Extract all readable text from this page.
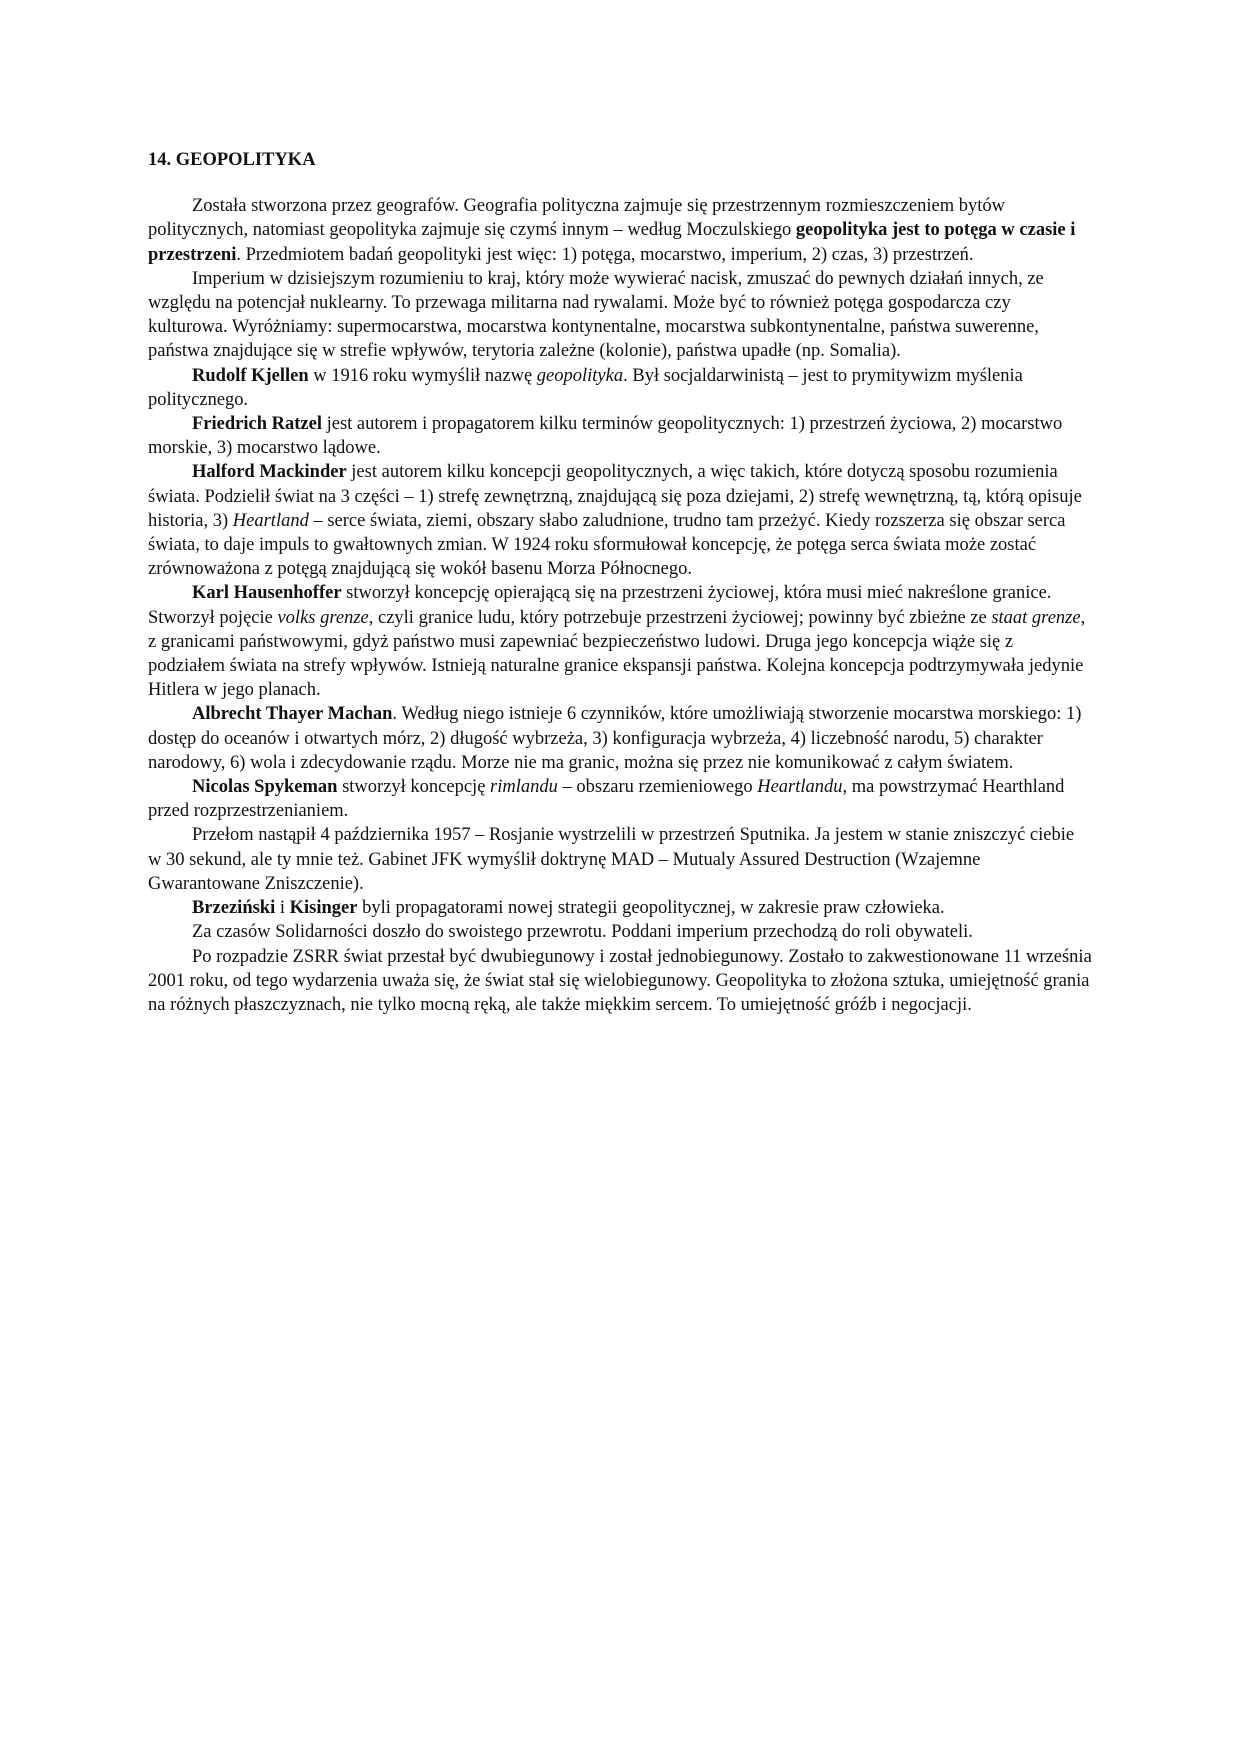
14. GEOPOLITYKA

Została stworzona przez geografów. Geografia polityczna zajmuje się przestrzennym rozmieszczeniem bytów politycznych, natomiast geopolityka zajmuje się czymś innym – według Moczulskiego geopolityka jest to potęga w czasie i przestrzeni. Przedmiotem badań geopolityki jest więc: 1) potęga, mocarstwo, imperium, 2) czas, 3) przestrzeń.

Imperium w dzisiejszym rozumieniu to kraj, który może wywierać nacisk, zmuszać do pewnych działań innych, ze względu na potencjał nuklearny. To przewaga militarna nad rywalami. Może być to również potęga gospodarcza czy kulturowa. Wyróżniamy: supermocarstwa, mocarstwa kontynentalne, mocarstwa subkontynentalne, państwa suwerenne, państwa znajdujące się w strefie wpływów, terytoria zależne (kolonie), państwa upadłe (np. Somalia).

Rudolf Kjellen w 1916 roku wymyślił nazwę geopolityka. Był socjaldarwinistą – jest to prymitywizm myślenia politycznego.

Friedrich Ratzel jest autorem i propagatorem kilku terminów geopolitycznych: 1) przestrzeń życiowa, 2) mocarstwo morskie, 3) mocarstwo lądowe.

Halford Mackinder jest autorem kilku koncepcji geopolitycznych, a więc takich, które dotyczą sposobu rozumienia świata. Podzielił świat na 3 części – 1) strefę zewnętrzną, znajdującą się poza dziejami, 2) strefę wewnętrzną, tą, którą opisuje historia, 3) Heartland – serce świata, ziemi, obszary słabo zaludnione, trudno tam przeżyć. Kiedy rozszerza się obszar serca świata, to daje impuls to gwałtownych zmian. W 1924 roku sformułował koncepcję, że potęga serca świata może zostać zrównoważona z potęgą znajdującą się wokół basenu Morza Północnego.

Karl Hausenhoffer stworzył koncepcję opierającą się na przestrzeni życiowej, która musi mieć nakreślone granice. Stworzył pojęcie volks grenze, czyli granice ludu, który potrzebuje przestrzeni życiowej; powinny być zbieżne ze staat grenze, z granicami państwowymi, gdyż państwo musi zapewniać bezpieczeństwo ludowi. Druga jego koncepcja wiąże się z podziałem świata na strefy wpływów. Istnieją naturalne granice ekspansji państwa. Kolejna koncepcja podtrzymywała jedynie Hitlera w jego planach.

Albrecht Thayer Machan. Według niego istnieje 6 czynników, które umożliwiają stworzenie mocarstwa morskiego: 1) dostęp do oceanów i otwartych mórz, 2) długość wybrzeża, 3) konfiguracja wybrzeża, 4) liczebność narodu, 5) charakter narodowy, 6) wola i zdecydowanie rządu. Morze nie ma granic, można się przez nie komunikować z całym światem.

Nicolas Spykeman stworzył koncepcję rimlandu – obszaru rzemieniowego Heartlandu, ma powstrzymać Hearthland przed rozprzestrzenianiem.

Przełom nastąpił 4 października 1957 – Rosjanie wystrzelili w przestrzeń Sputnika. Ja jestem w stanie zniszczyć ciebie w 30 sekund, ale ty mnie też. Gabinet JFK wymyślił doktrynę MAD – Mutualy Assured Destruction (Wzajemne Gwarantowane Zniszczenie).

Brzeziński i Kisinger byli propagatorami nowej strategii geopolitycznej, w zakresie praw człowieka.

Za czasów Solidarności doszło do swoistego przewrotu. Poddani imperium przechodzą do roli obywateli.

Po rozpadzie ZSRR świat przestał być dwubiegunowy i został jednobiegunowy. Zostało to zakwestionowane 11 września 2001 roku, od tego wydarzenia uważa się, że świat stał się wielobiegunowy. Geopolityka to złożona sztuka, umiejętność grania na różnych płaszczyznach, nie tylko mocną ręką, ale także miękkim sercem. To umiejętność gróźb i negocjacji.
